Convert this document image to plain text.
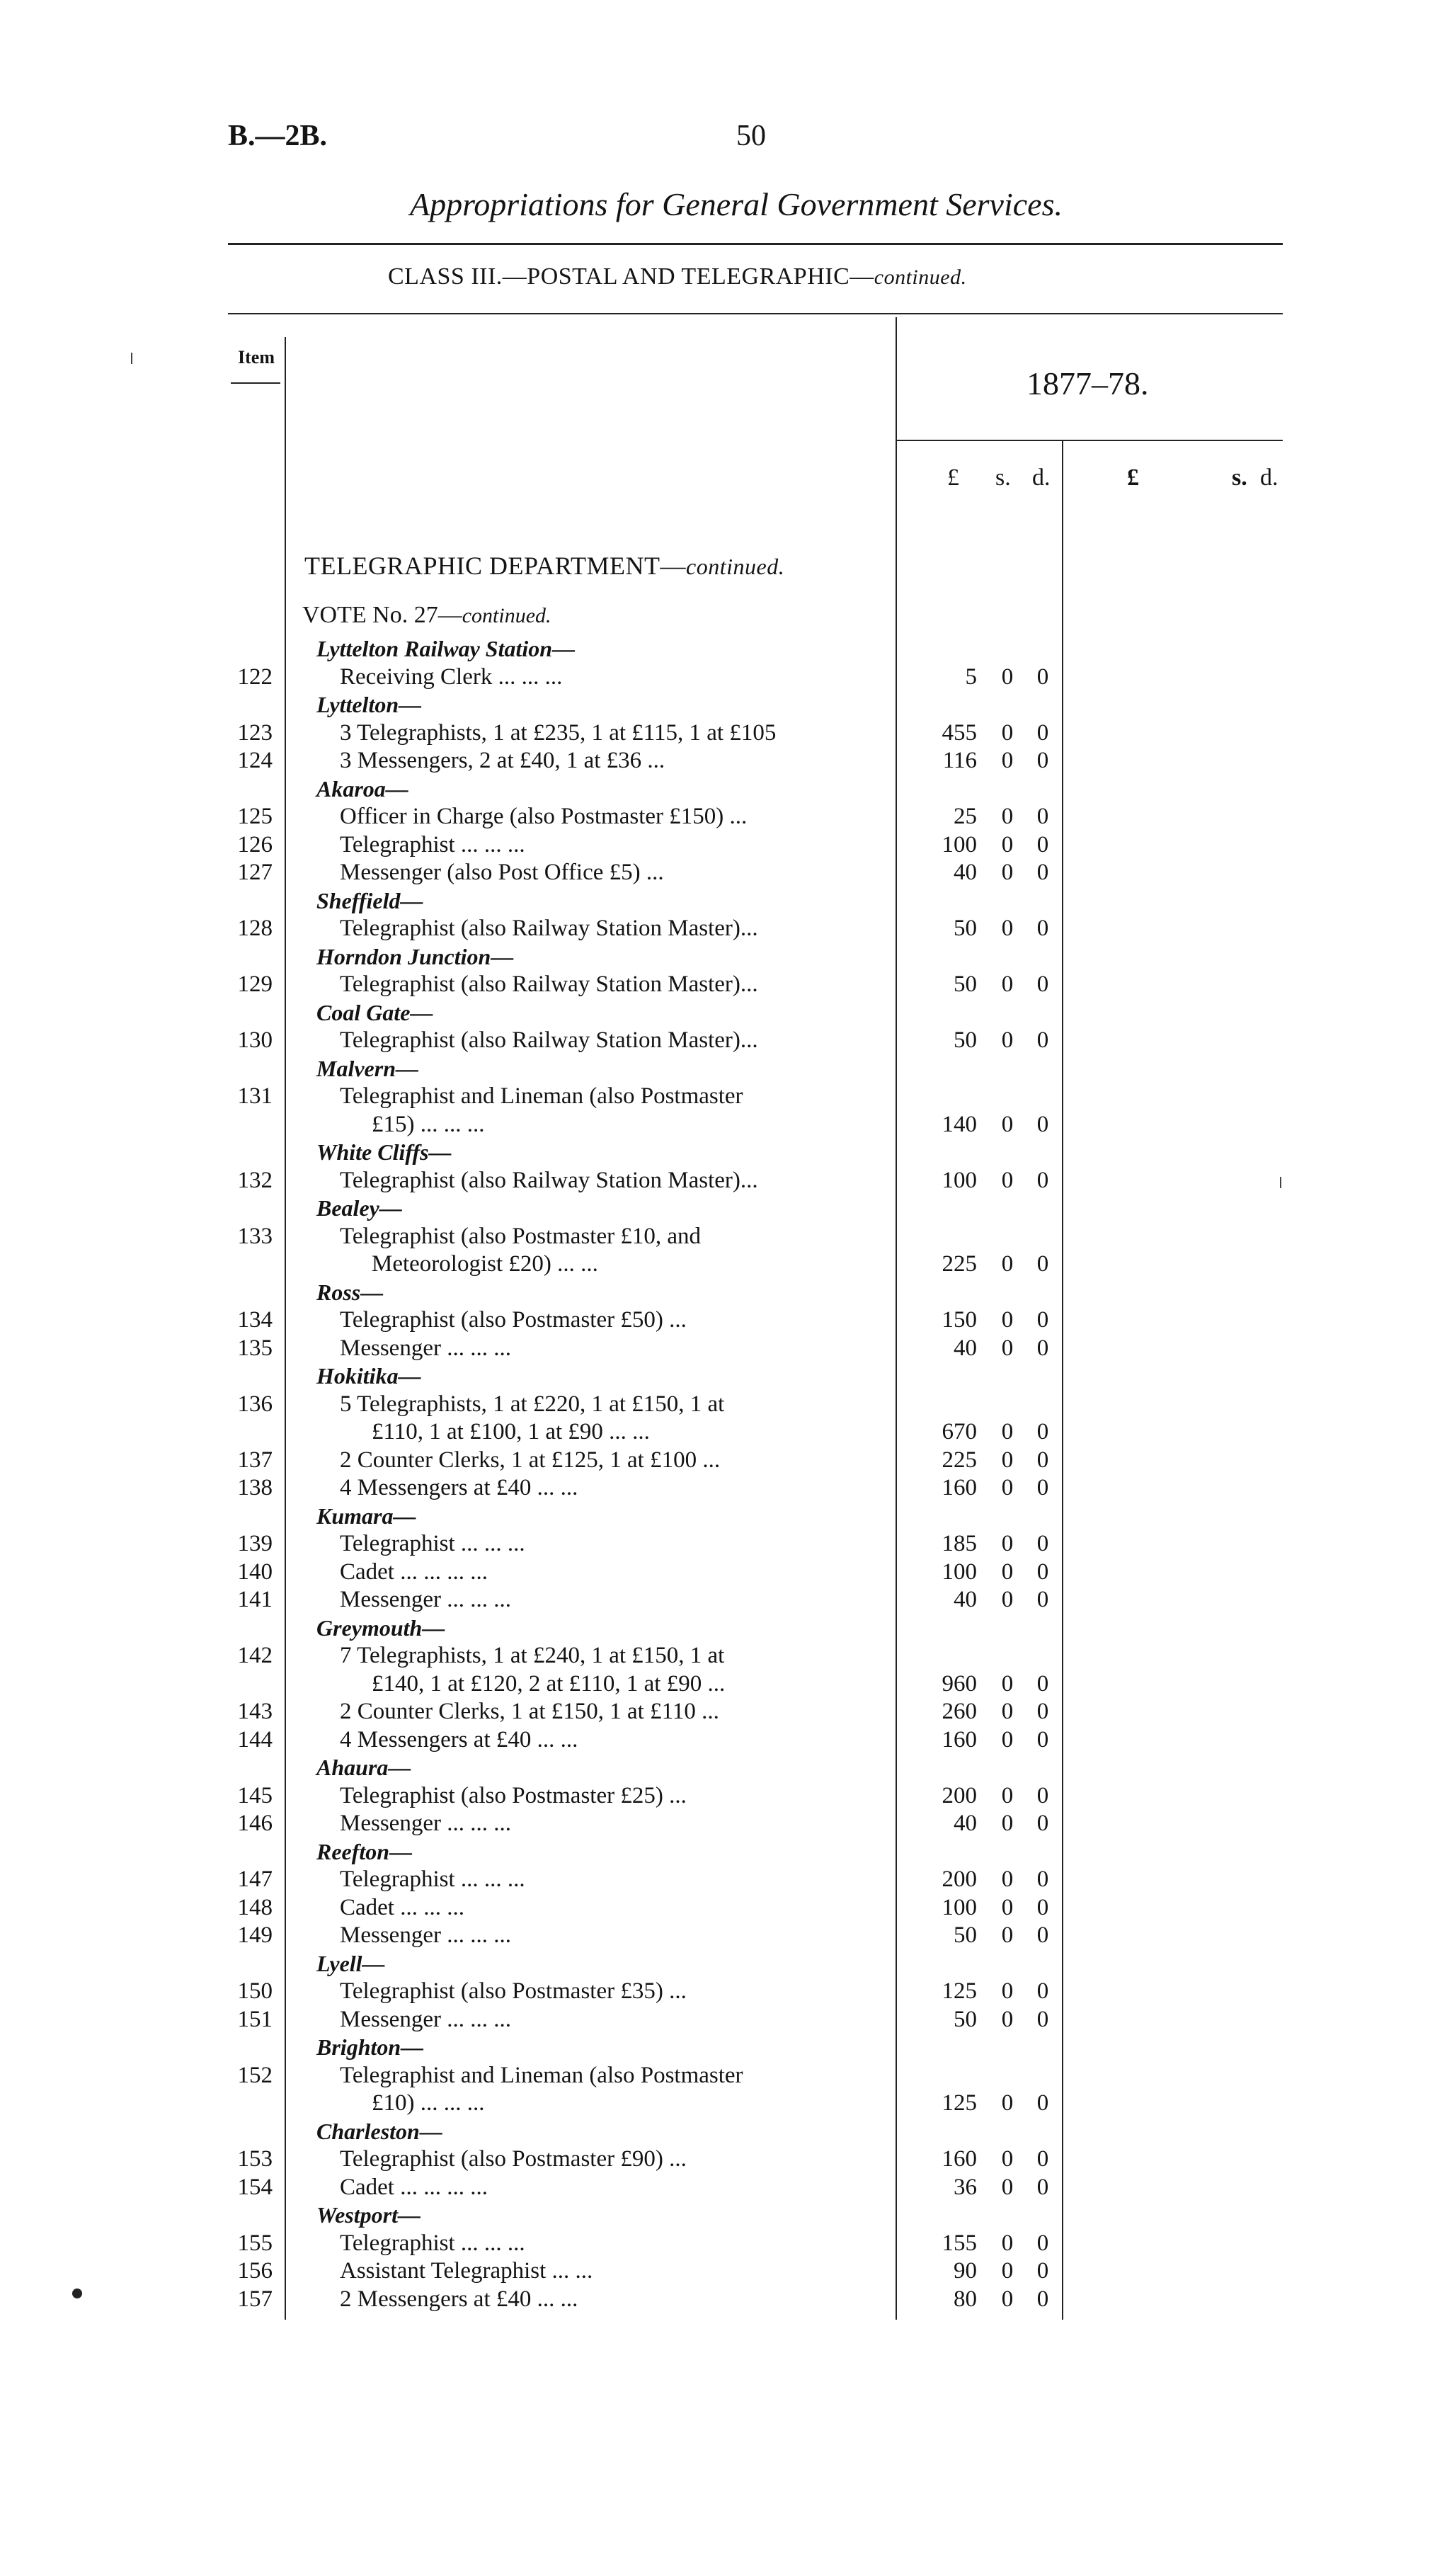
B.—2B.	50
Appropriations for General Government Services.
CLASS III.—POSTAL AND TELEGRAPHIC—continued.
Item
1877–78.
£ s. d.	£	s. d.
TELEGRAPHIC DEPARTMENT—continued.
VOTE No. 27—continued.
Lyttelton Railway Station—
122	Receiving Clerk ... ... ...	5 0 0
Lyttelton—
123	3 Telegraphists, 1 at £235, 1 at £115, 1 at £105	455 0 0
124	3 Messengers, 2 at £40, 1 at £36 ...	116 0 0
Akaroa—
125	Officer in Charge (also Postmaster £150) ...	25 0 0
126	Telegraphist ... ... ...	100 0 0
127	Messenger (also Post Office £5) ...	40 0 0
Sheffield—
128	Telegraphist (also Railway Station Master)...	50 0 0
Horndon Junction—
129	Telegraphist (also Railway Station Master)...	50 0 0
Coal Gate—
130	Telegraphist (also Railway Station Master)...	50 0 0
Malvern—
131	Telegraphist and Lineman (also Postmaster
£15) ... ... ...	140 0 0
White Cliffs—
132	Telegraphist (also Railway Station Master)...	100 0 0
Bealey—
133	Telegraphist (also Postmaster £10, and
Meteorologist £20) ... ...	225 0 0
Ross—
134	Telegraphist (also Postmaster £50) ...	150 0 0
135	Messenger ... ... ...	40 0 0
Hokitika—
136	5 Telegraphists, 1 at £220, 1 at £150, 1 at
£110, 1 at £100, 1 at £90 ... ...	670 0 0
137	2 Counter Clerks, 1 at £125, 1 at £100 ...	225 0 0
138	4 Messengers at £40 ... ...	160 0 0
Kumara—
139	Telegraphist ... ... ...	185 0 0
140	Cadet ... ... ... ...	100 0 0
141	Messenger ... ... ...	40 0 0
Greymouth—
142	7 Telegraphists, 1 at £240, 1 at £150, 1 at
£140, 1 at £120, 2 at £110, 1 at £90 ...	960 0 0
143	2 Counter Clerks, 1 at £150, 1 at £110 ...	260 0 0
144	4 Messengers at £40 ... ...	160 0 0
Ahaura—
145	Telegraphist (also Postmaster £25) ...	200 0 0
146	Messenger ... ... ...	40 0 0
Reefton—
147	Telegraphist ... ... ...	200 0 0
148	Cadet ... ... ...	100 0 0
149	Messenger ... ... ...	50 0 0
Lyell—
150	Telegraphist (also Postmaster £35) ...	125 0 0
151	Messenger ... ... ...	50 0 0
Brighton—
152	Telegraphist and Lineman (also Postmaster
£10) ... ... ...	125 0 0
Charleston—
153	Telegraphist (also Postmaster £90) ...	160 0 0
154	Cadet ... ... ... ...	36 0 0
Westport—
155	Telegraphist ... ... ...	155 0 0
156	Assistant Telegraphist ... ...	90 0 0
157	2 Messengers at £40 ... ...	80 0 0
